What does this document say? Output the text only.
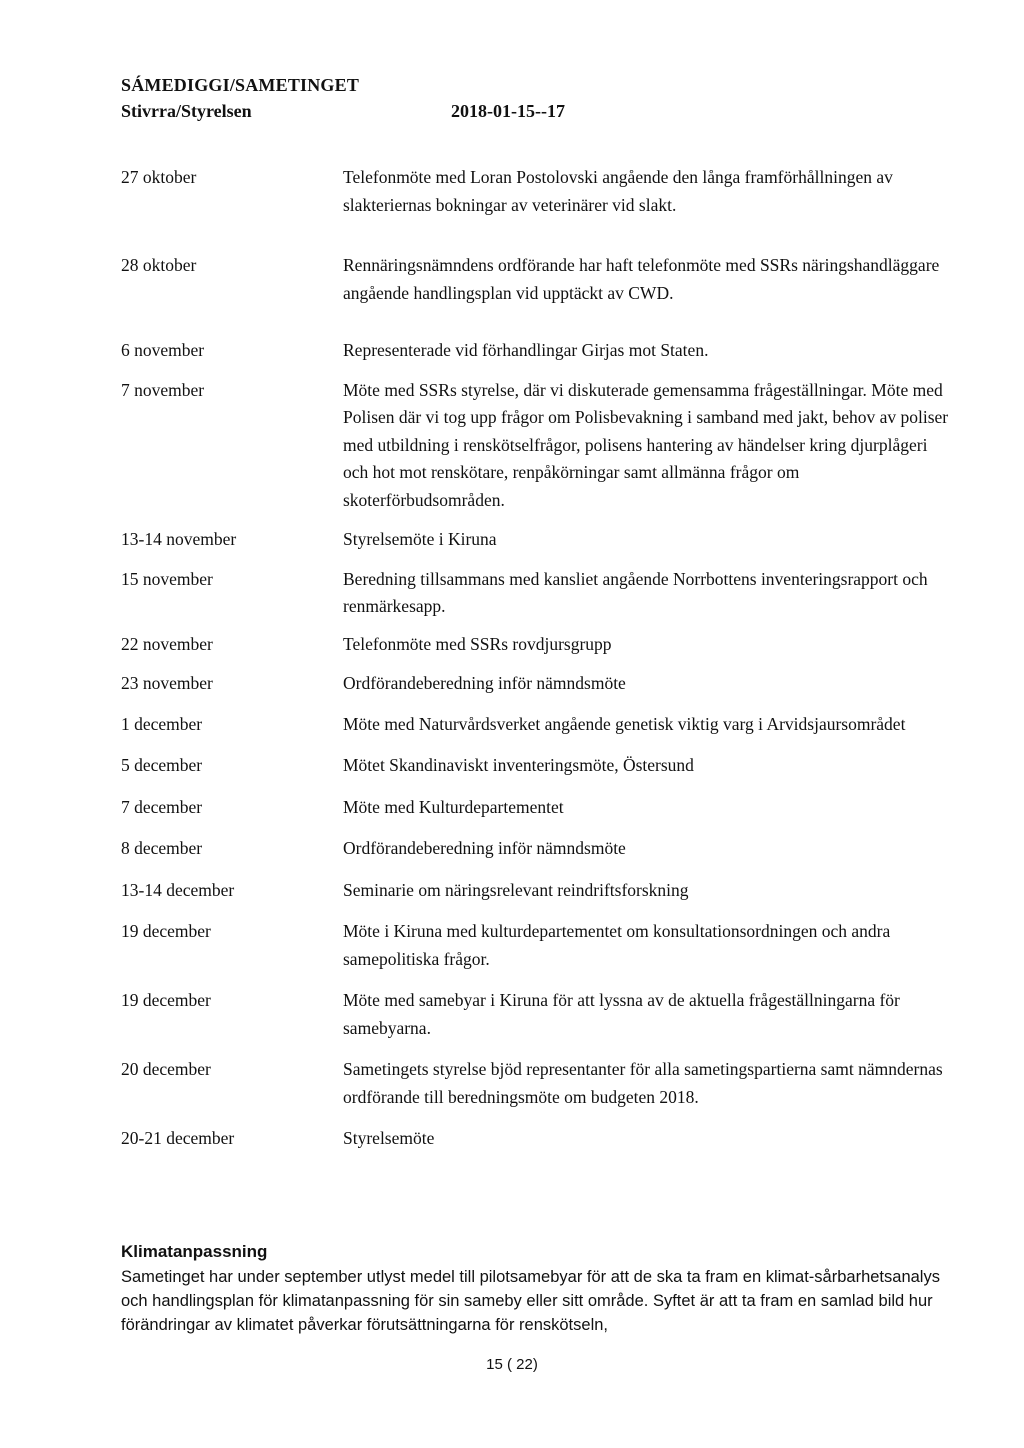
SÁMEDIGGI/SAMETINGET
Stivrra/Styrelsen	2018-01-15--17
27 oktober	Telefonmöte med Loran Postolovski angående den långa framförhållningen av slakteriernas bokningar av veterinärer vid slakt.
28 oktober	Rennäringsnämndens ordförande har haft telefonmöte med SSRs näringshandläggare angående handlingsplan vid upptäckt av CWD.
6 november	Representerade vid förhandlingar Girjas mot Staten.
7 november	Möte med SSRs styrelse, där vi diskuterade gemensamma frågeställningar. Möte med Polisen där vi tog upp frågor om Polisbevakning i samband med jakt, behov av poliser med utbildning i renskötselfrågor, polisens hantering av händelser kring djurplågeri och hot mot renskötare, renpåkörningar samt allmänna frågor om skoterförbudsområden.
13-14 november	Styrelsemöte i Kiruna
15 november	Beredning tillsammans med kansliet angående Norrbottens inventeringsrapport och renmärkesapp.
22 november	Telefonmöte med SSRs rovdjursgrupp
23 november	Ordförandeberedning inför nämndsmöte
1 december	Möte med Naturvårdsverket angående genetisk viktig varg i Arvidsjaursområdet
5 december	Mötet Skandinaviskt inventeringsmöte, Östersund
7 december	Möte med Kulturdepartementet
8 december	Ordförandeberedning inför nämndsmöte
13-14 december	Seminarie om näringsrelevant reindriftsforskning
19 december	Möte i Kiruna med kulturdepartementet om konsultationsordningen och andra samepolitiska frågor.
19 december	Möte med samebyar i Kiruna för att lyssna av de aktuella frågeställningarna för samebyarna.
20 december	Sametingets styrelse bjöd representanter för alla sametingspartierna samt nämndernas ordförande till beredningsmöte om budgeten 2018.
20-21 december	Styrelsemöte
Klimatanpassning
Sametinget har under september utlyst medel till pilotsamebyar för att de ska ta fram en klimat-sårbarhetsanalys och handlingsplan för klimatanpassning för sin sameby eller sitt område. Syftet är att ta fram en samlad bild hur förändringar av klimatet påverkar förutsättningarna för renskötseln,
15 ( 22)
